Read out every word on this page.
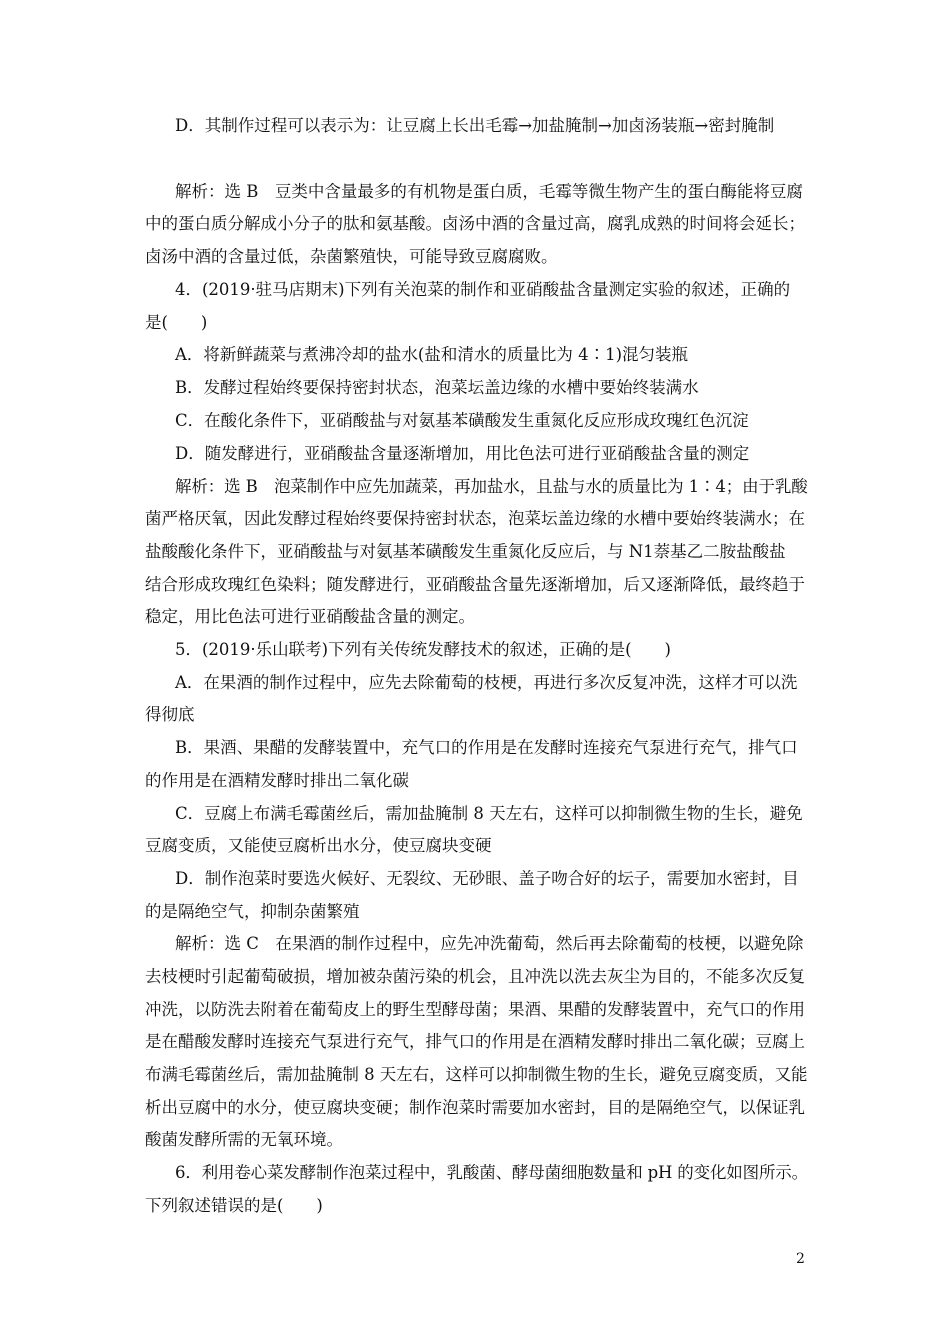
D．其制作过程可以表示为：让豆腐上长出毛霉→加盐腌制→加卤汤装瓶→密封腌制
解析：选 B　豆类中含量最多的有机物是蛋白质，毛霉等微生物产生的蛋白酶能将豆腐
中的蛋白质分解成小分子的肽和氨基酸。卤汤中酒的含量过高，腐乳成熟的时间将会延长；
卤汤中酒的含量过低，杂菌繁殖快，可能导致豆腐腐败。
4．(2019·驻马店期末)下列有关泡菜的制作和亚硝酸盐含量测定实验的叙述，正确的
是(　　)
A．将新鲜蔬菜与煮沸冷却的盐水(盐和清水的质量比为 4∶1)混匀装瓶
B．发酵过程始终要保持密封状态，泡菜坛盖边缘的水槽中要始终装满水
C．在酸化条件下，亚硝酸盐与对氨基苯磺酸发生重氮化反应形成玫瑰红色沉淀
D．随发酵进行，亚硝酸盐含量逐渐增加，用比色法可进行亚硝酸盐含量的测定
解析：选 B　泡菜制作中应先加蔬菜，再加盐水，且盐与水的质量比为 1∶4；由于乳酸
菌严格厌氧，因此发酵过程始终要保持密封状态，泡菜坛盖边缘的水槽中要始终装满水；在
盐酸酸化条件下，亚硝酸盐与对氨基苯磺酸发生重氮化反应后，与 N1萘基乙二胺盐酸盐
结合形成玫瑰红色染料；随发酵进行，亚硝酸盐含量先逐渐增加，后又逐渐降低，最终趋于
稳定，用比色法可进行亚硝酸盐含量的测定。
5．(2019·乐山联考)下列有关传统发酵技术的叙述，正确的是(　　)
A．在果酒的制作过程中，应先去除葡萄的枝梗，再进行多次反复冲洗，这样才可以洗
得彻底
B．果酒、果醋的发酵装置中，充气口的作用是在发酵时连接充气泵进行充气，排气口
的作用是在酒精发酵时排出二氧化碳
C．豆腐上布满毛霉菌丝后，需加盐腌制 8 天左右，这样可以抑制微生物的生长，避免
豆腐变质，又能使豆腐析出水分，使豆腐块变硬
D．制作泡菜时要选火候好、无裂纹、无砂眼、盖子吻合好的坛子，需要加水密封，目
的是隔绝空气，抑制杂菌繁殖
解析：选 C　在果酒的制作过程中，应先冲洗葡萄，然后再去除葡萄的枝梗，以避免除
去枝梗时引起葡萄破损，增加被杂菌污染的机会，且冲洗以洗去灰尘为目的，不能多次反复
冲洗，以防洗去附着在葡萄皮上的野生型酵母菌；果酒、果醋的发酵装置中，充气口的作用
是在醋酸发酵时连接充气泵进行充气，排气口的作用是在酒精发酵时排出二氧化碳；豆腐上
布满毛霉菌丝后，需加盐腌制 8 天左右，这样可以抑制微生物的生长，避免豆腐变质，又能
析出豆腐中的水分，使豆腐块变硬；制作泡菜时需要加水密封，目的是隔绝空气，以保证乳
酸菌发酵所需的无氧环境。
6．利用卷心菜发酵制作泡菜过程中，乳酸菌、酵母菌细胞数量和 pH 的变化如图所示。
下列叙述错误的是(　　)
2
